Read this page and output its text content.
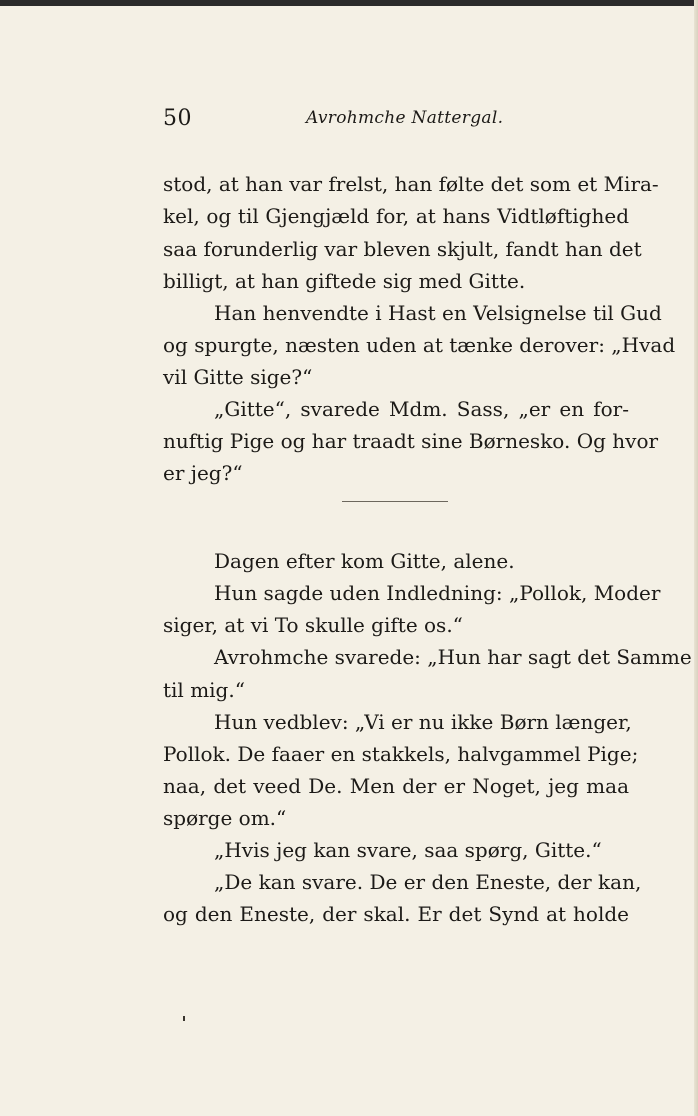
50	Avrohmche Nattergal.
stod, at han var frelst, han følte det som et Mira-
kel, og til Gjengjæld for, at hans Vidtløftighed
saa forunderlig var bleven skjult, fandt han det
billigt, at han giftede sig med Gitte.
Han henvendte i Hast en Velsignelse til Gud
og spurgte, næsten uden at tænke derover: „Hvad
vil Gitte sige?“
„Gitte“, svarede Mdm. Sass, „er en for-
nuftig Pige og har traadt sine Børnesko. Og hvor
er jeg?“
Dagen efter kom Gitte, alene.
Hun sagde uden Indledning: „Pollok, Moder
siger, at vi To skulle gifte os.“
Avrohmche svarede: „Hun har sagt det Samme
til mig.“
Hun vedblev: „Vi er nu ikke Børn længer,
Pollok. De faaer en stakkels, halvgammel Pige;
naa, det veed De. Men der er Noget, jeg maa
spørge om.“
„Hvis jeg kan svare, saa spørg, Gitte.“
„De kan svare. De er den Eneste, der kan,
og den Eneste, der skal. Er det Synd at holde
